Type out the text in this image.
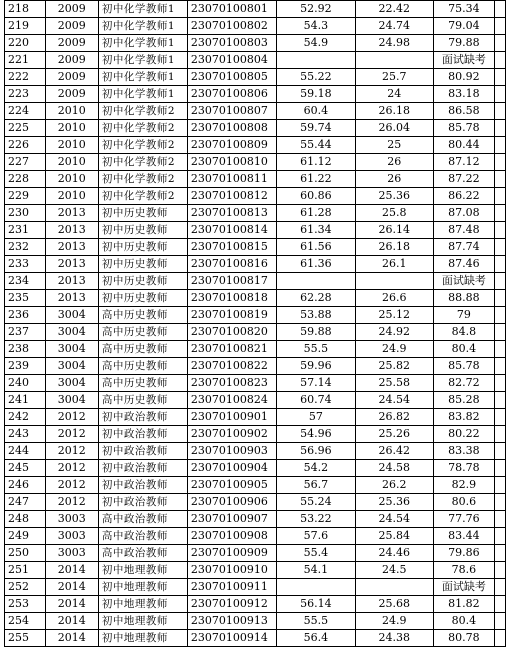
218	2009	初中化学教师1	23070100801	52.92	22.42	75.34	
219	2009	初中化学教师1	23070100802	54.3	24.74	79.04	
220	2009	初中化学教师1	23070100803	54.9	24.98	79.88	
221	2009	初中化学教师1	23070100804			面试缺考	
222	2009	初中化学教师1	23070100805	55.22	25.7	80.92	
223	2009	初中化学教师1	23070100806	59.18	24	83.18	
224	2010	初中化学教师2	23070100807	60.4	26.18	86.58	
225	2010	初中化学教师2	23070100808	59.74	26.04	85.78	
226	2010	初中化学教师2	23070100809	55.44	25	80.44	
227	2010	初中化学教师2	23070100810	61.12	26	87.12	
228	2010	初中化学教师2	23070100811	61.22	26	87.22	
229	2010	初中化学教师2	23070100812	60.86	25.36	86.22	
230	2013	初中历史教师	23070100813	61.28	25.8	87.08	
231	2013	初中历史教师	23070100814	61.34	26.14	87.48	
232	2013	初中历史教师	23070100815	61.56	26.18	87.74	
233	2013	初中历史教师	23070100816	61.36	26.1	87.46	
234	2013	初中历史教师	23070100817			面试缺考	
235	2013	初中历史教师	23070100818	62.28	26.6	88.88	
236	3004	高中历史教师	23070100819	53.88	25.12	79	
237	3004	高中历史教师	23070100820	59.88	24.92	84.8	
238	3004	高中历史教师	23070100821	55.5	24.9	80.4	
239	3004	高中历史教师	23070100822	59.96	25.82	85.78	
240	3004	高中历史教师	23070100823	57.14	25.58	82.72	
241	3004	高中历史教师	23070100824	60.74	24.54	85.28	
242	2012	初中政治教师	23070100901	57	26.82	83.82	
243	2012	初中政治教师	23070100902	54.96	25.26	80.22	
244	2012	初中政治教师	23070100903	56.96	26.42	83.38	
245	2012	初中政治教师	23070100904	54.2	24.58	78.78	
246	2012	初中政治教师	23070100905	56.7	26.2	82.9	
247	2012	初中政治教师	23070100906	55.24	25.36	80.6	
248	3003	高中政治教师	23070100907	53.22	24.54	77.76	
249	3003	高中政治教师	23070100908	57.6	25.84	83.44	
250	3003	高中政治教师	23070100909	55.4	24.46	79.86	
251	2014	初中地理教师	23070100910	54.1	24.5	78.6	
252	2014	初中地理教师	23070100911			面试缺考	
253	2014	初中地理教师	23070100912	56.14	25.68	81.82	
254	2014	初中地理教师	23070100913	55.5	24.9	80.4	
255	2014	初中地理教师	23070100914	56.4	24.38	80.78	
